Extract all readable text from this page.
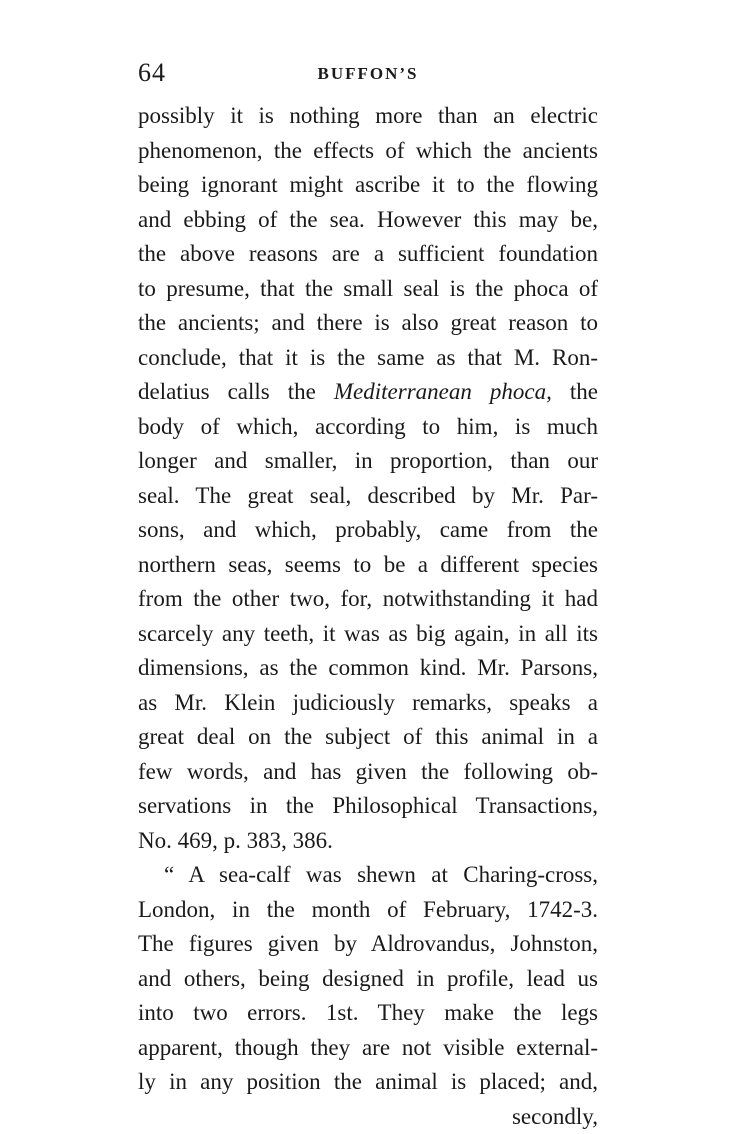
64	BUFFON’S
possibly it is nothing more than an electric
phenomenon, the effects of which the ancients
being ignorant might ascribe it to the flowing
and ebbing of the sea. However this may be,
the above reasons are a sufficient foundation
to presume, that the small seal is the phoca of
the ancients; and there is also great reason to
conclude, that it is the same as that M. Ron-
delatius calls the Mediterranean phoca, the
body of which, according to him, is much
longer and smaller, in proportion, than our
seal. The great seal, described by Mr. Par-
sons, and which, probably, came from the
northern seas, seems to be a different species
from the other two, for, notwithstanding it had
scarcely any teeth, it was as big again, in all its
dimensions, as the common kind. Mr. Parsons,
as Mr. Klein judiciously remarks, speaks a
great deal on the subject of this animal in a
few words, and has given the following ob-
servations in the Philosophical Transactions,
No. 469, p. 383, 386.
“ A sea-calf was shewn at Charing-cross,
London, in the month of February, 1742-3.
The figures given by Aldrovandus, Johnston,
and others, being designed in profile, lead us
into two errors. 1st. They make the legs
apparent, though they are not visible external-
ly in any position the animal is placed; and,
secondly,
